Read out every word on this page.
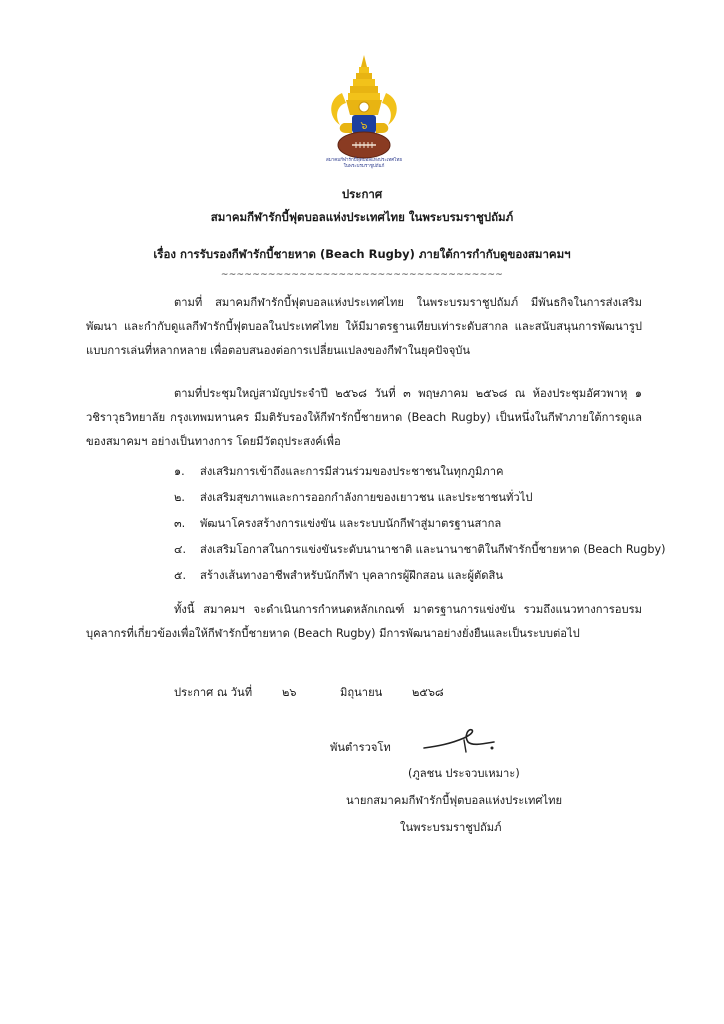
๖
สมาคมกีฬารักบี้ฟุตบอลแห่งประเทศไทย
ในพระบรมราชูปถัมภ์
ประกาศ
สมาคมกีฬารักบี้ฟุตบอลแห่งประเทศไทย ในพระบรมราชูปถัมภ์
เรื่อง การรับรองกีฬารักบี้ชายหาด (Beach Rugby) ภายใต้การกำกับดูของสมาคมฯ
~~~~~~~~~~~~~~~~~~~~~~~~~~~~~~~~~~~~
ตามที่ สมาคมกีฬารักบี้ฟุตบอลแห่งประเทศไทย ในพระบรมราชูปถัมภ์ มีพันธกิจในการส่งเสริม พัฒนา และกำกับดูแลกีฬารักบี้ฟุตบอลในประเทศไทย ให้มีมาตรฐานเทียบเท่าระดับสากล และสนับสนุนการพัฒนารูปแบบการเล่นที่หลากหลาย เพื่อตอบสนองต่อการเปลี่ยนแปลงของกีฬาในยุคปัจจุบัน
ตามที่ประชุมใหญ่สามัญประจำปี ๒๕๖๘ วันที่ ๓ พฤษภาคม ๒๕๖๘ ณ ห้องประชุมอัศวพาหุ ๑ วชิราวุธวิทยาลัย กรุงเทพมหานคร มีมติรับรองให้กีฬารักบี้ชายหาด (Beach Rugby) เป็นหนึ่งในกีฬาภายใต้การดูแลของสมาคมฯ อย่างเป็นทางการ โดยมีวัตถุประสงค์เพื่อ
๑. ส่งเสริมการเข้าถึงและการมีส่วนร่วมของประชาชนในทุกภูมิภาค
๒. ส่งเสริมสุขภาพและการออกกำลังกายของเยาวชน และประชาชนทั่วไป
๓. พัฒนาโครงสร้างการแข่งขัน และระบบนักกีฬาสู่มาตรฐานสากล
๔. ส่งเสริมโอกาสในการแข่งขันระดับนานาชาติ และนานาชาติในกีฬารักบี้ชายหาด (Beach Rugby)
๕. สร้างเส้นทางอาชีพสำหรับนักกีฬา บุคลากรผู้ฝึกสอน และผู้ตัดสิน
ทั้งนี้ สมาคมฯ จะดำเนินการกำหนดหลักเกณฑ์ มาตรฐานการแข่งขัน รวมถึงแนวทางการอบรม บุคลากรที่เกี่ยวข้องเพื่อให้กีฬารักบี้ชายหาด (Beach Rugby) มีการพัฒนาอย่างยั่งยืนและเป็นระบบต่อไป
ประกาศ ณ วันที่	๒๖	มิถุนายน	๒๕๖๘
พันตำรวจโท
(ภูลชน ประจวบเหมาะ)
นายกสมาคมกีฬารักบี้ฟุตบอลแห่งประเทศไทย
ในพระบรมราชูปถัมภ์
